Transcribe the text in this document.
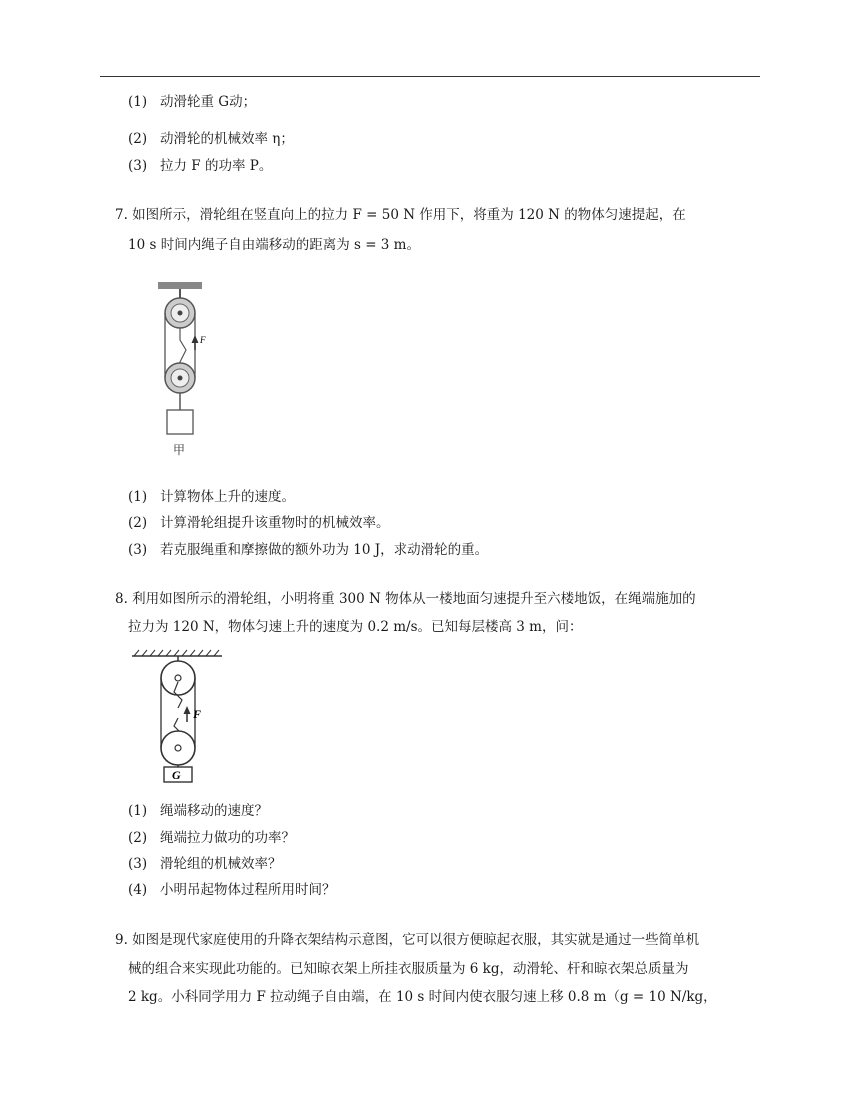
(1) 动滑轮重 G动；
(2) 动滑轮的机械效率 η；
(3) 拉力 F 的功率 P。
7. 如图所示，滑轮组在竖直向上的拉力 F = 50 N 作用下，将重为 120 N 的物体匀速提起，在
10 s 时间内绳子自由端移动的距离为 s = 3 m。
F
甲
(1) 计算物体上升的速度。
(2) 计算滑轮组提升该重物时的机械效率。
(3) 若克服绳重和摩擦做的额外功为 10 J，求动滑轮的重。
8. 利用如图所示的滑轮组，小明将重 300 N 物体从一楼地面匀速提升至六楼地饭，在绳端施加的
拉力为 120 N，物体匀速上升的速度为 0.2 m/s。已知每层楼高 3 m，问：
F
G
(1) 绳端移动的速度？
(2) 绳端拉力做功的功率？
(3) 滑轮组的机械效率？
(4) 小明吊起物体过程所用时间？
9. 如图是现代家庭使用的升降衣架结构示意图，它可以很方便晾起衣服，其实就是通过一些简单机
械的组合来实现此功能的。已知晾衣架上所挂衣服质量为 6 kg，动滑轮、杆和晾衣架总质量为
2 kg。小科同学用力 F 拉动绳子自由端，在 10 s 时间内使衣服匀速上移 0.8 m（g = 10 N/kg，
